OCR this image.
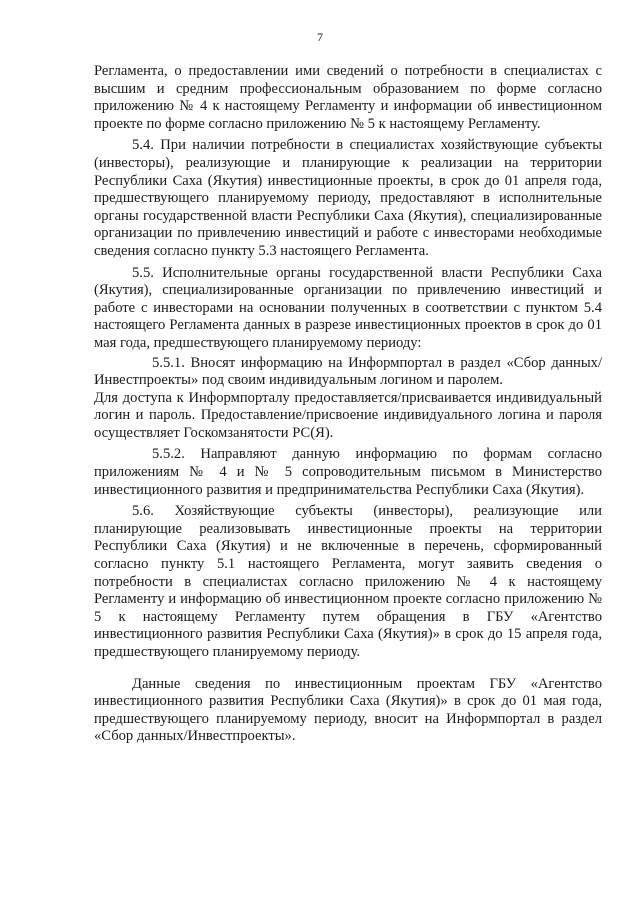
7

Регламента, о предоставлении ими сведений о потребности в специалистах с высшим и средним профессиональным образованием по форме согласно приложению № 4 к настоящему Регламенту и информации об инвестиционном проекте по форме согласно приложению № 5 к настоящему Регламенту.

5.4. При наличии потребности в специалистах хозяйствующие субъекты (инвесторы), реализующие и планирующие к реализации на территории Республики Саха (Якутия) инвестиционные проекты, в срок до 01 апреля года, предшествующего планируемому периоду, предоставляют в исполнительные органы государственной власти Республики Саха (Якутия), специализированные организации по привлечению инвестиций и работе с инвесторами необходимые сведения согласно пункту 5.3 настоящего Регламента.

5.5. Исполнительные органы государственной власти Республики Саха (Якутия), специализированные организации по привлечению инвестиций и работе с инвесторами на основании полученных в соответствии с пунктом 5.4 настоящего Регламента данных в разрезе инвестиционных проектов в срок до 01 мая года, предшествующего планируемому периоду:

5.5.1. Вносят информацию на Информпортал в раздел «Сбор данных/Инвестпроекты» под своим индивидуальным логином и паролем.

Для доступа к Информпорталу предоставляется/присваивается индивидуальный логин и пароль. Предоставление/присвоение индивидуального логина и пароля осуществляет Госкомзанятости РС(Я).

5.5.2. Направляют данную информацию по формам согласно приложениям № 4 и № 5 сопроводительным письмом в Министерство инвестиционного развития и предпринимательства Республики Саха (Якутия).

5.6. Хозяйствующие субъекты (инвесторы), реализующие или планирующие реализовывать инвестиционные проекты на территории Республики Саха (Якутия) и не включенные в перечень, сформированный согласно пункту 5.1 настоящего Регламента, могут заявить сведения о потребности в специалистах согласно приложению № 4 к настоящему Регламенту и информацию об инвестиционном проекте согласно приложению № 5 к настоящему Регламенту путем обращения в ГБУ «Агентство инвестиционного развития Республики Саха (Якутия)» в срок до 15 апреля года, предшествующего планируемому периоду.

Данные сведения по инвестиционным проектам ГБУ «Агентство инвестиционного развития Республики Саха (Якутия)» в срок до 01 мая года, предшествующего планируемому периоду, вносит на Информпортал в раздел «Сбор данных/Инвестпроекты».
